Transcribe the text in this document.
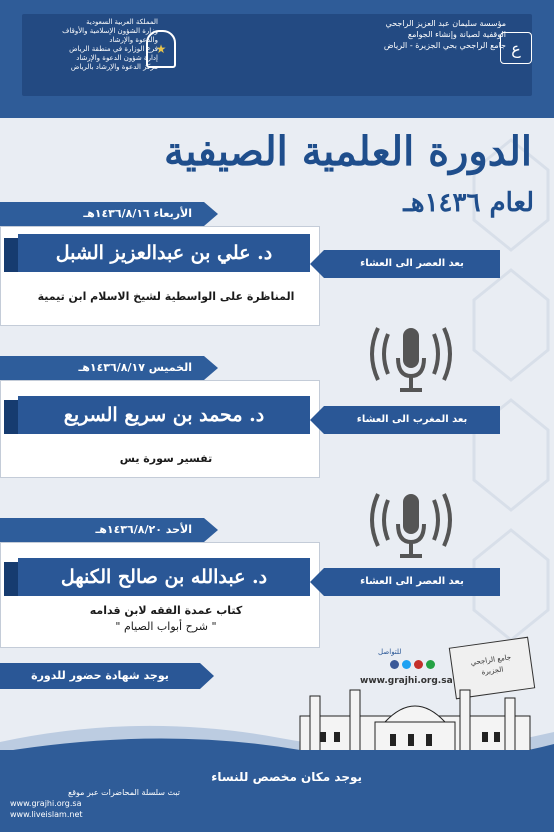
ع
مؤسسة سليمان عبد العزيز الراجحي
الوقفية لصيانة وإنشاء الجوامع
جامع الراجحي بحي الجزيرة - الرياض
★
المملكة العربية السعودية
وزارة الشؤون الإسلامية والأوقاف
والدعوة والإرشاد
فرع الوزارة في منطقة الرياض
إدارة شؤون الدعوة والإرشاد
مركز الدعوة والإرشاد بالرياض
الدورة العلمية الصيفية
لعام ١٤٣٦هـ
الأربعاء ١٤٣٦/٨/١٦هـ
د. علي بن عبدالعزيز الشبل
المناظرة على الواسطية لشيخ الاسلام ابن تيمية
بعد العصر الى العشاء
الخميس ١٤٣٦/٨/١٧هـ
د. محمد بن سريع السريع
تفسير سورة يس
بعد المغرب الى العشاء
الأحد ١٤٣٦/٨/٢٠هـ
د. عبدالله بن صالح الكنهل
كتاب عمدة الفقه لابن قدامه
" شرح أبواب الصيام "
بعد العصر الى العشاء
يوجد شهادة حضور للدورة
للتواصل
www.grajhi.org.sa
جامع الراجحي
الجزيرة
يوجد مكان مخصص للنساء
تبث سلسلة المحاضرات عبر موقع
www.grajhi.org.sa
www.liveislam.net
